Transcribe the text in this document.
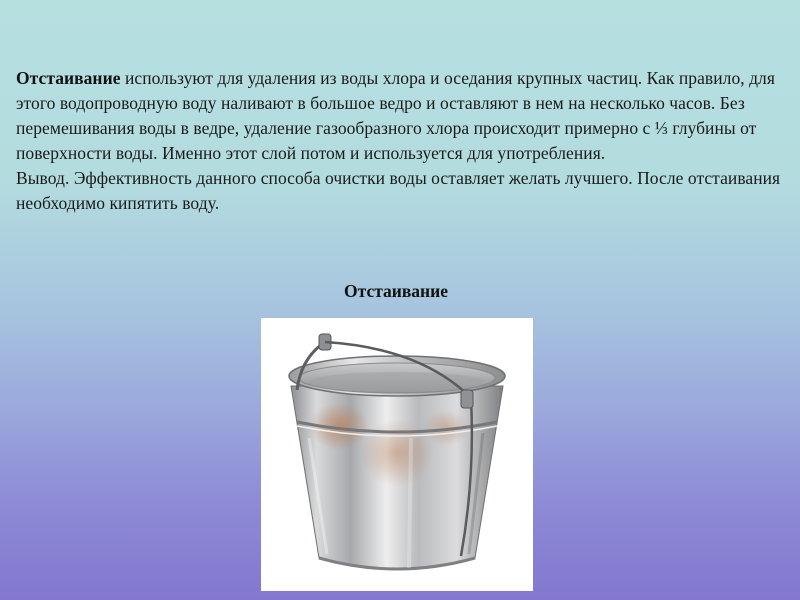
Отстаивание используют для удаления из воды хлора и оседания крупных частиц. Как правило, для этого водопроводную воду наливают в большое ведро и оставляют в нем на несколько часов. Без перемешивания воды в ведре, удаление газообразного хлора происходит примерно с ⅓ глубины от поверхности воды. Именно этот слой потом и используется для употребления.

Вывод. Эффективность данного способа очистки воды оставляет желать лучшего. После отстаивания необходимо кипятить воду.

Отстаивание
